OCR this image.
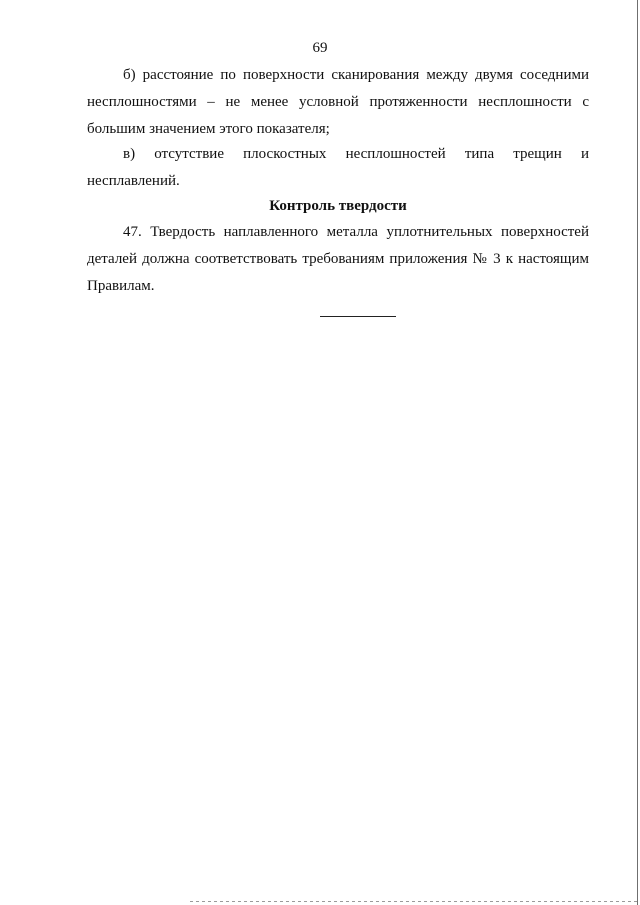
69

б) расстояние по поверхности сканирования между двумя соседними несплошностями – не менее условной протяженности несплошности с большим значением этого показателя;

в) отсутствие плоскостных несплошностей типа трещин и несплавлений.

Контроль твердости

47. Твердость наплавленного металла уплотнительных поверхностей деталей должна соответствовать требованиям приложения № 3 к настоящим Правилам.
